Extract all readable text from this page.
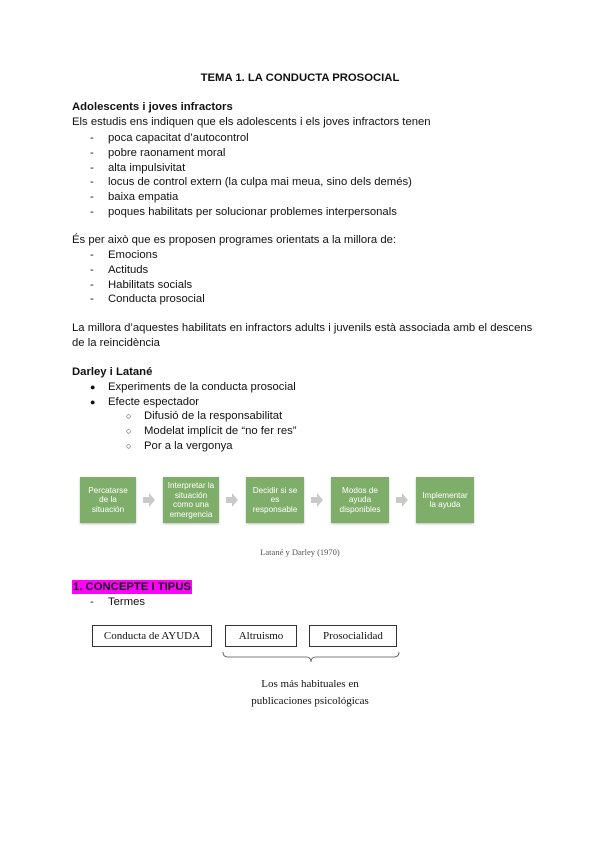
TEMA 1. LA CONDUCTA PROSOCIAL
Adolescents i joves infractors
Els estudis ens indiquen que els adolescents i els joves infractors tenen
- poca capacitat d’autocontrol
- pobre raonament moral
- alta impulsivitat
- locus de control extern (la culpa mai meua, sino dels demés)
- baixa empatia
- poques habilitats per solucionar problemes interpersonals
És per això que es proposen programes orientats a la millora de:
- Emocions
- Actituds
- Habilitats socials
- Conducta prosocial
La millora d’aquestes habilitats en infractors adults i juvenils està associada amb el descens
de la reincidència
Darley i Latané
● Experiments de la conducta prosocial
● Efecte espectador
○ Difusió de la responsabilitat
○ Modelat implícit de “no fer res”
○ Por a la vergonya
Percatarse de la situación
Interpretar la situación como una emergencia
Decidir si se es responsable
Modos de ayuda disponibles
Implementar la ayuda
Latané y Darley (1970)
1. CONCEPTE I TIPUS
- Termes
Conducta de AYUDA	Altruismo	Prosocialidad
Los más habituales en
publicaciones psicológicas
